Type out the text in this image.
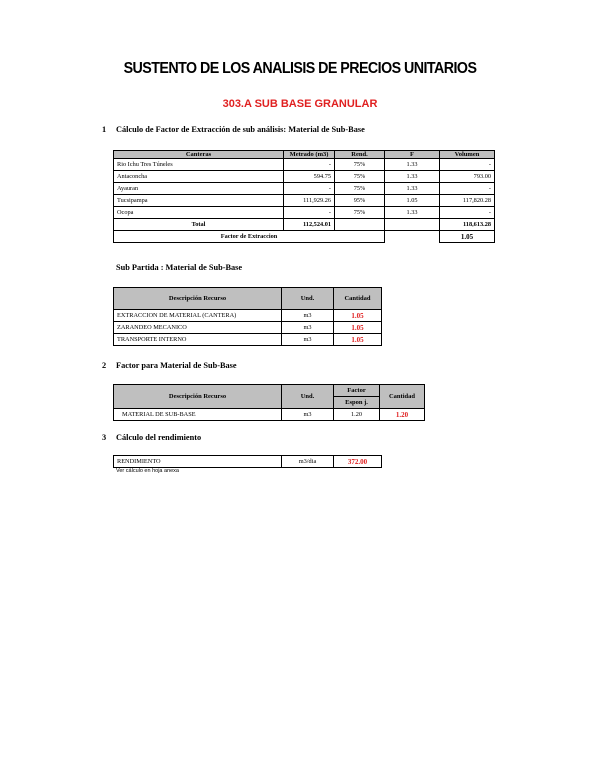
SUSTENTO DE LOS ANALISIS DE PRECIOS UNITARIOS
303.A SUB BASE GRANULAR
1 Cálculo de Factor de Extracción de sub análisis: Material de Sub-Base
Canteras	Metrado (m3)	Rend.	F	Volumen
Rio Ichu Tres Túneles	-	75%	1.33	-
Antaconcha	594.75	75%	1.33	793.00
Ayauran	-	75%	1.33	-
Tucsipampa	111,929.26	95%	1.05	117,820.28
Ocopa	-	75%	1.33	-
Total	112,524.01			118,613.28
Factor de Extraccion				1.05
Sub Partida : Material de Sub-Base
Descripción Recurso	Und.	Cantidad
EXTRACCION DE MATERIAL (CANTERA)	m3	1.05
ZARANDEO MECANICO	m3	1.05
TRANSPORTE INTERNO	m3	1.05
2 Factor para Material de Sub-Base
Descripción Recurso	Und.	Factor	Cantidad
		Espon j.	
MATERIAL DE SUB-BASE	m3	1.20	1.20
3 Cálculo del rendimiento
RENDIMIENTO	m3/dia	372.00
Ver cálculo en hoja anexa
